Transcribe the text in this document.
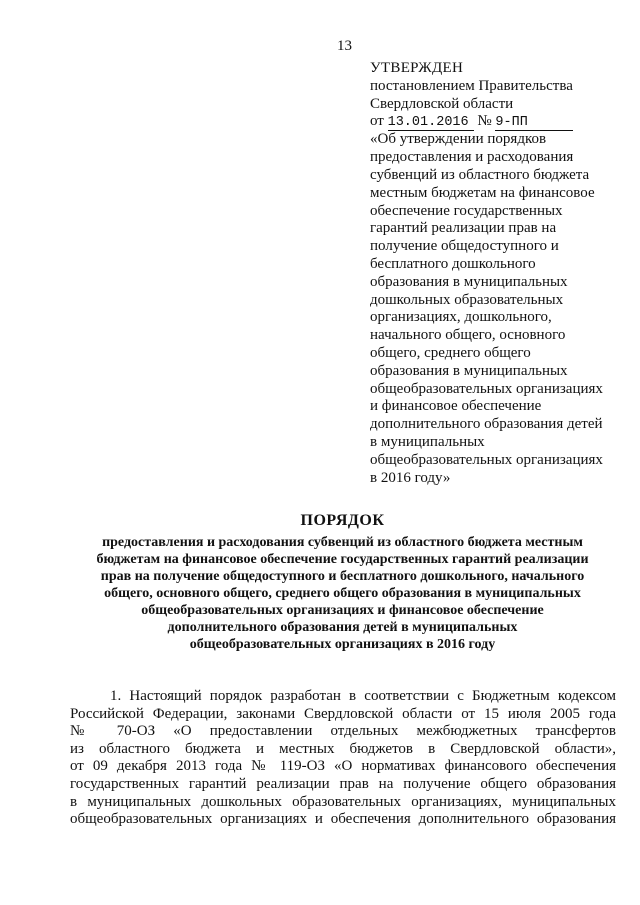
13
УТВЕРЖДЕН
постановлением Правительства
Свердловской области
от 13.01.2016 № 9-ПП
«Об утверждении порядков
предоставления и расходования
субвенций из областного бюджета
местным бюджетам на финансовое
обеспечение государственных
гарантий реализации прав на
получение общедоступного и
бесплатного дошкольного
образования в муниципальных
дошкольных образовательных
организациях, дошкольного,
начального общего, основного
общего, среднего общего
образования в муниципальных
общеобразовательных организациях
и финансовое обеспечение
дополнительного образования детей
в муниципальных
общеобразовательных организациях
в 2016 году»
ПОРЯДОК
предоставления и расходования субвенций из областного бюджета местным
бюджетам на финансовое обеспечение государственных гарантий реализации
прав на получение общедоступного и бесплатного дошкольного, начального
общего, основного общего, среднего общего образования в муниципальных
общеобразовательных организациях и финансовое обеспечение
дополнительного образования детей в муниципальных
общеобразовательных организациях в 2016 году
1. Настоящий порядок разработан в соответствии с Бюджетным кодексом
Российской Федерации, законами Свердловской области от 15 июля 2005 года
№ 70-ОЗ «О предоставлении отдельных межбюджетных трансфертов
из областного бюджета и местных бюджетов в Свердловской области»,
от 09 декабря 2013 года № 119-ОЗ «О нормативах финансового обеспечения
государственных гарантий реализации прав на получение общего образования
в муниципальных дошкольных образовательных организациях, муниципальных
общеобразовательных организациях и обеспечения дополнительного образования
